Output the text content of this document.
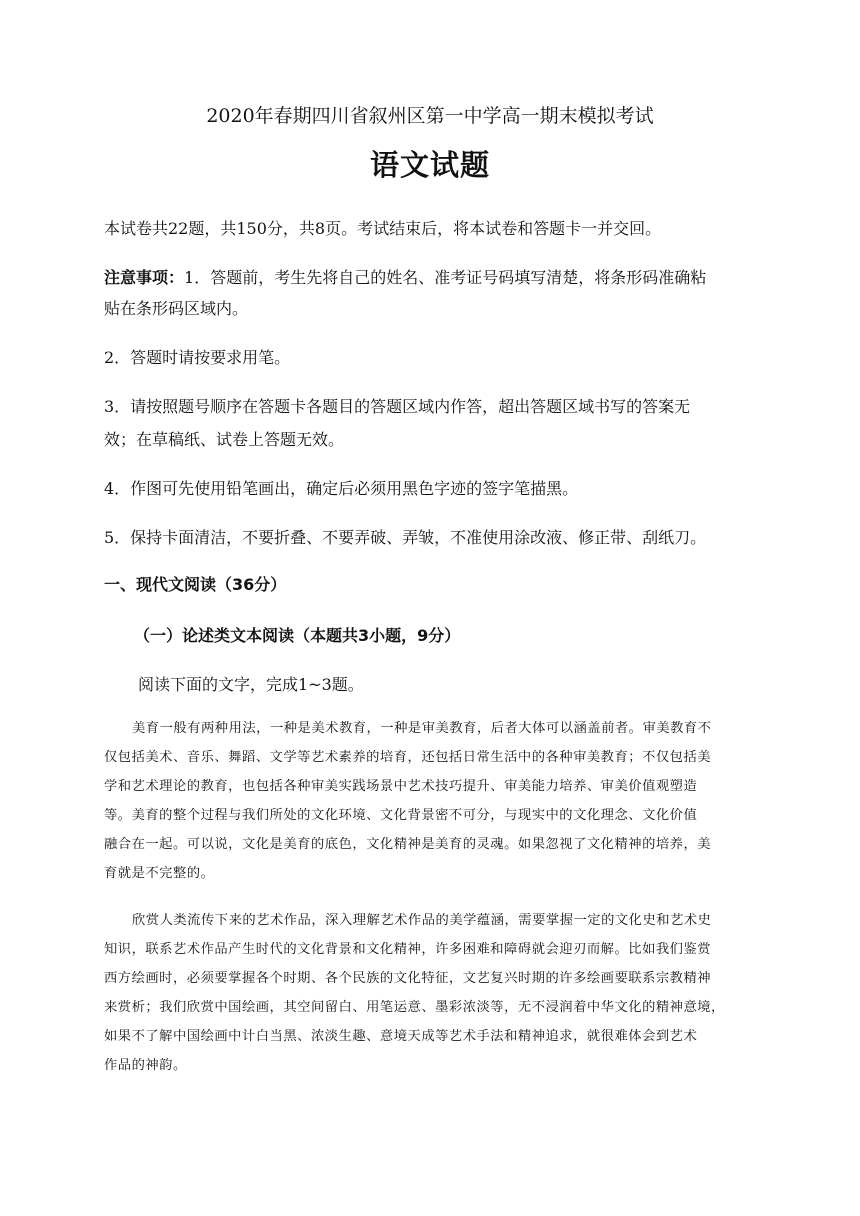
2020年春期四川省叙州区第一中学高一期末模拟考试
语文试题
本试卷共22题，共150分，共8页。考试结束后，将本试卷和答题卡一并交回。
注意事项：1．答题前，考生先将自己的姓名、准考证号码填写清楚，将条形码准确粘
贴在条形码区域内。
2．答题时请按要求用笔。
3．请按照题号顺序在答题卡各题目的答题区域内作答，超出答题区域书写的答案无
效；在草稿纸、试卷上答题无效。
4．作图可先使用铅笔画出，确定后必须用黑色字迹的签字笔描黑。
5．保持卡面清洁，不要折叠、不要弄破、弄皱，不准使用涂改液、修正带、刮纸刀。
一、现代文阅读（36分）
（一）论述类文本阅读（本题共3小题，9分）
阅读下面的文字，完成1~3题。
美育一般有两种用法，一种是美术教育，一种是审美教育，后者大体可以涵盖前者。审美教育不
仅包括美术、音乐、舞蹈、文学等艺术素养的培育，还包括日常生活中的各种审美教育；不仅包括美
学和艺术理论的教育，也包括各种审美实践场景中艺术技巧提升、审美能力培养、审美价值观塑造
等。美育的整个过程与我们所处的文化环境、文化背景密不可分，与现实中的文化理念、文化价值
融合在一起。可以说，文化是美育的底色，文化精神是美育的灵魂。如果忽视了文化精神的培养，美
育就是不完整的。
欣赏人类流传下来的艺术作品，深入理解艺术作品的美学蕴涵，需要掌握一定的文化史和艺术史
知识，联系艺术作品产生时代的文化背景和文化精神，许多困难和障碍就会迎刃而解。比如我们鉴赏
西方绘画时，必须要掌握各个时期、各个民族的文化特征，文艺复兴时期的许多绘画要联系宗教精神
来赏析；我们欣赏中国绘画，其空间留白、用笔运意、墨彩浓淡等，无不浸润着中华文化的精神意境，
如果不了解中国绘画中计白当黑、浓淡生趣、意境天成等艺术手法和精神追求，就很难体会到艺术
作品的神韵。
